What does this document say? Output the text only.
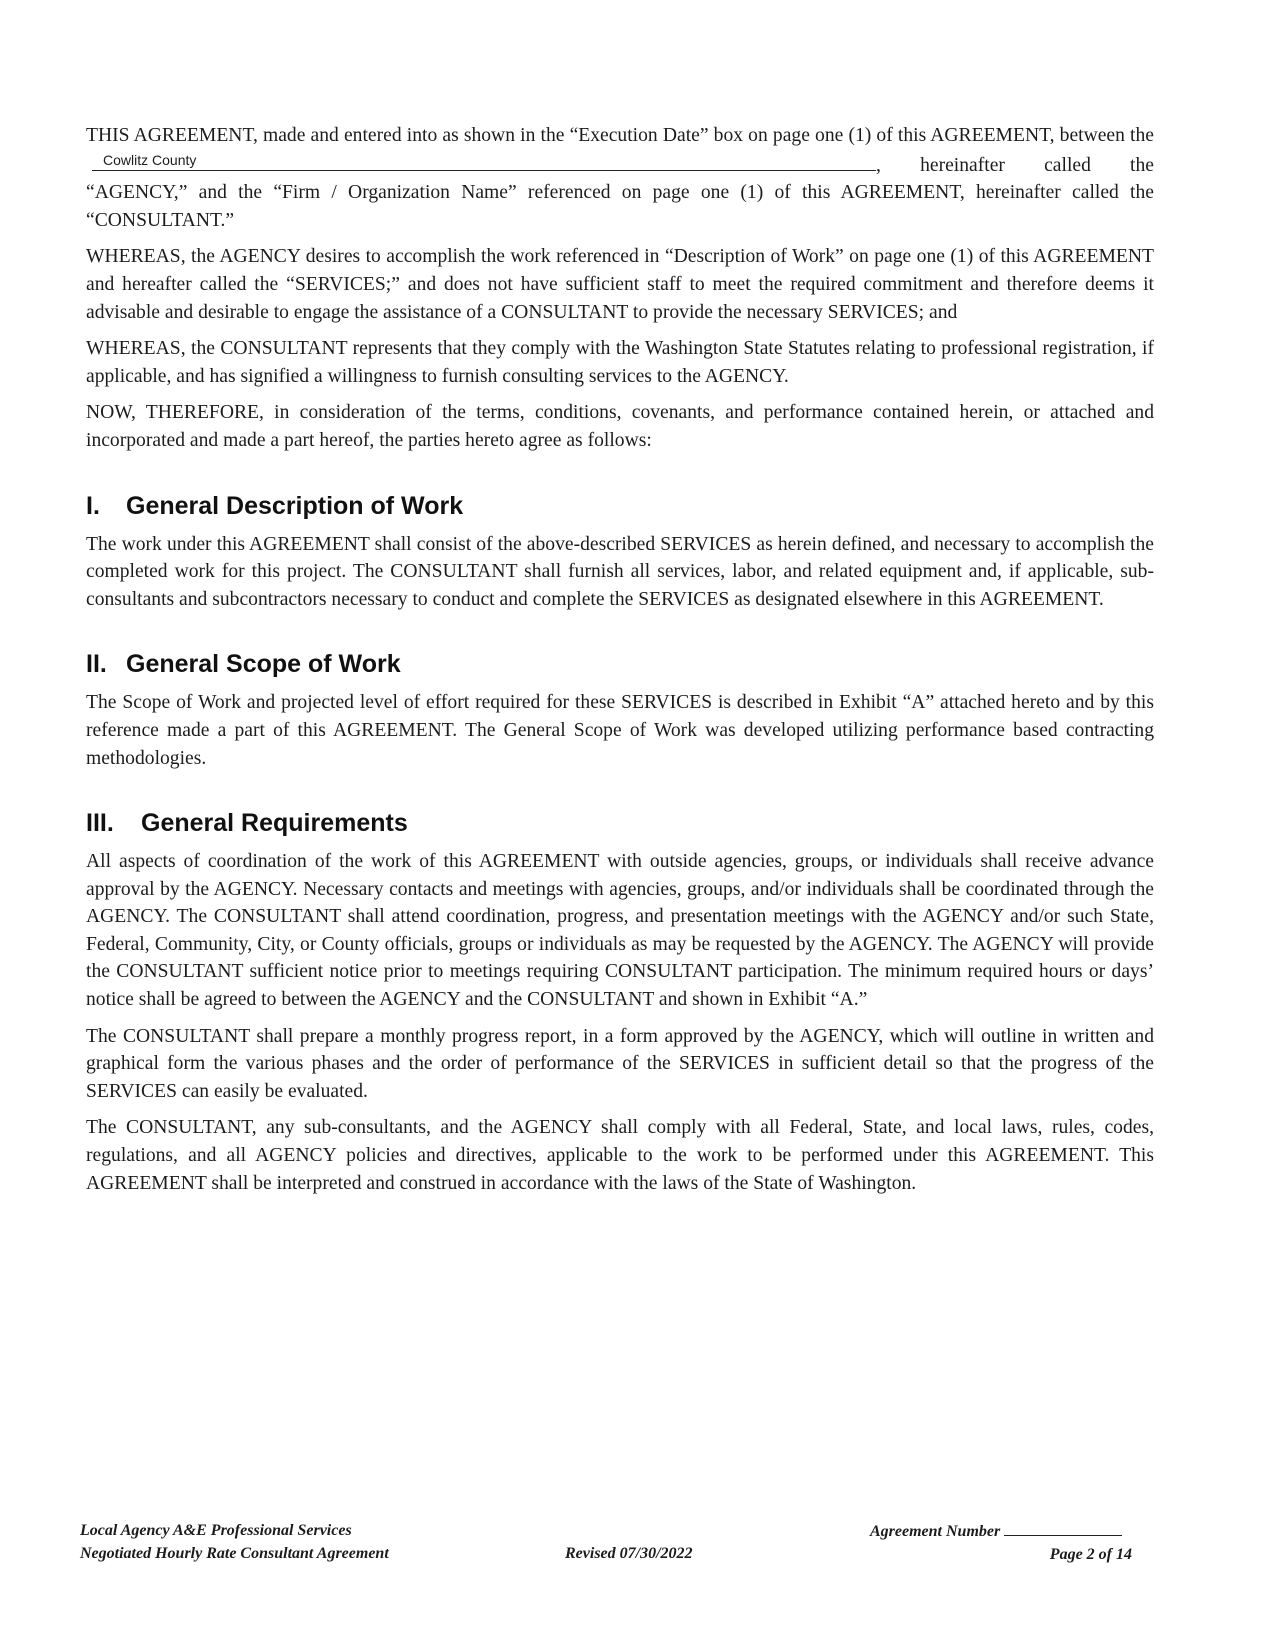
THIS AGREEMENT, made and entered into as shown in the “Execution Date” box on page one (1) of this AGREEMENT, between the
Cowlitz County	, hereinafter called the “AGENCY,” and the “Firm / Organization Name” referenced on page one (1) of this AGREEMENT, hereinafter called the “CONSULTANT.”

WHEREAS, the AGENCY desires to accomplish the work referenced in “Description of Work” on page one (1) of this AGREEMENT and hereafter called the “SERVICES;” and does not have sufficient staff to meet the required commitment and therefore deems it advisable and desirable to engage the assistance of a CONSULTANT to provide the necessary SERVICES; and

WHEREAS, the CONSULTANT represents that they comply with the Washington State Statutes relating to professional registration, if applicable, and has signified a willingness to furnish consulting services to the AGENCY.

NOW, THEREFORE, in consideration of the terms, conditions, covenants, and performance contained herein, or attached and incorporated and made a part hereof, the parties hereto agree as follows:

I. General Description of Work

The work under this AGREEMENT shall consist of the above-described SERVICES as herein defined, and necessary to accomplish the completed work for this project. The CONSULTANT shall furnish all services, labor, and related equipment and, if applicable, sub-consultants and subcontractors necessary to conduct and complete the SERVICES as designated elsewhere in this AGREEMENT.

II. General Scope of Work

The Scope of Work and projected level of effort required for these SERVICES is described in Exhibit “A” attached hereto and by this reference made a part of this AGREEMENT. The General Scope of Work was developed utilizing performance based contracting methodologies.

III. General Requirements

All aspects of coordination of the work of this AGREEMENT with outside agencies, groups, or individuals shall receive advance approval by the AGENCY. Necessary contacts and meetings with agencies, groups, and/or individuals shall be coordinated through the AGENCY. The CONSULTANT shall attend coordination, progress, and presentation meetings with the AGENCY and/or such State, Federal, Community, City, or County officials, groups or individuals as may be requested by the AGENCY. The AGENCY will provide the CONSULTANT sufficient notice prior to meetings requiring CONSULTANT participation. The minimum required hours or days’ notice shall be agreed to between the AGENCY and the CONSULTANT and shown in Exhibit “A.”

The CONSULTANT shall prepare a monthly progress report, in a form approved by the AGENCY, which will outline in written and graphical form the various phases and the order of performance of the SERVICES in sufficient detail so that the progress of the SERVICES can easily be evaluated.

The CONSULTANT, any sub-consultants, and the AGENCY shall comply with all Federal, State, and local laws, rules, codes, regulations, and all AGENCY policies and directives, applicable to the work to be performed under this AGREEMENT. This AGREEMENT shall be interpreted and construed in accordance with the laws of the State of Washington.

Local Agency A&E Professional Services
Negotiated Hourly Rate Consultant Agreement	Revised 07/30/2022
Agreement Number
Page 2 of 14
